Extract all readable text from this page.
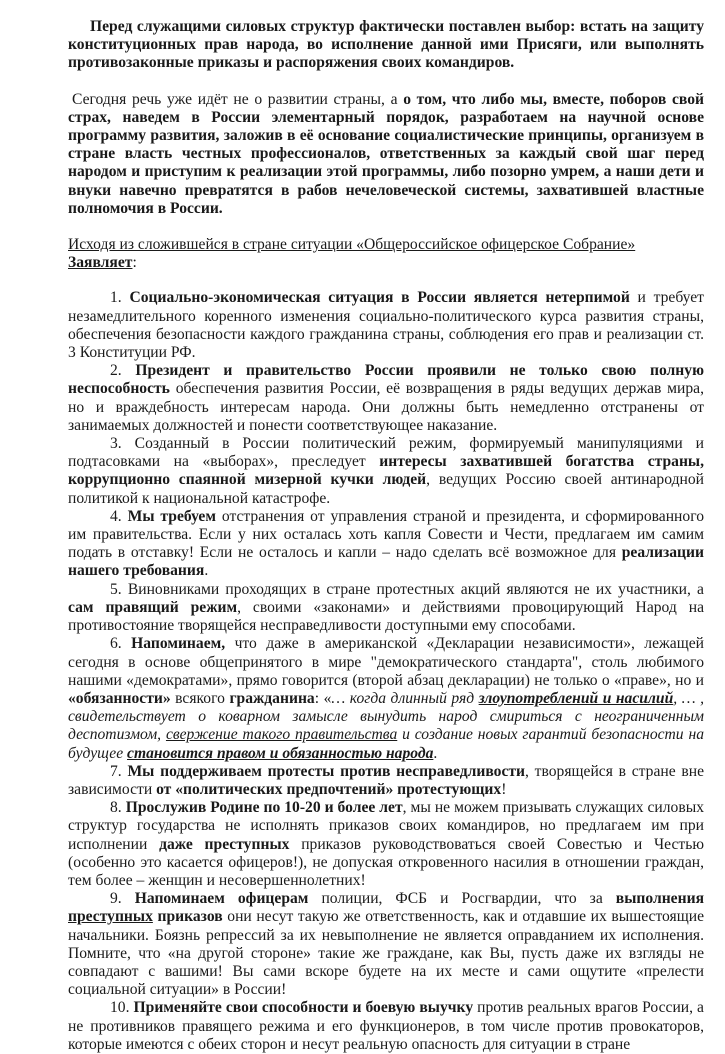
Перед служащими силовых структур фактически поставлен выбор: встать на защиту конституционных прав народа, во исполнение данной ими Присяги, или выполнять противозаконные приказы и распоряжения своих командиров.

Сегодня речь уже идёт не о развитии страны, а о том, что либо мы, вместе, поборов свой страх, наведем в России элементарный порядок, разработаем на научной основе программу развития, заложив в её основание социалистические принципы, организуем в стране власть честных профессионалов, ответственных за каждый свой шаг перед народом и приступим к реализации этой программы, либо позорно умрем, а наши дети и внуки навечно превратятся в рабов нечеловеческой системы, захватившей властные полномочия в России.

Исходя из сложившейся в стране ситуации «Общероссийское офицерское Собрание» Заявляет:

1. Социально-экономическая ситуация в России является нетерпимой и требует незамедлительного коренного изменения социально-политического курса развития страны, обеспечения безопасности каждого гражданина страны, соблюдения его прав и реализации ст. 3 Конституции РФ.

2. Президент и правительство России проявили не только свою полную неспособность обеспечения развития России, её возвращения в ряды ведущих держав мира, но и враждебность интересам народа. Они должны быть немедленно отстранены от занимаемых должностей и понести соответствующее наказание.

3. Созданный в России политический режим, формируемый манипуляциями и подтасовками на «выборах», преследует интересы захватившей богатства страны, коррупционно спаянной мизерной кучки людей, ведущих Россию своей антинародной политикой к национальной катастрофе.

4. Мы требуем отстранения от управления страной и президента, и сформированного им правительства. Если у них осталась хоть капля Совести и Чести, предлагаем им самим подать в отставку! Если не осталось и капли – надо сделать всё возможное для реализации нашего требования.

5. Виновниками проходящих в стране протестных акций являются не их участники, а сам правящий режим, своими «законами» и действиями провоцирующий Народ на противостояние творящейся несправедливости доступными ему способами.

6. Напоминаем, что даже в американской «Декларации независимости», лежащей сегодня в основе общепринятого в мире "демократического стандарта", столь любимого нашими «демократами», прямо говорится (второй абзац декларации) не только о «праве», но и «обязанности» всякого гражданина: «… когда длинный ряд злоупотреблений и насилий, … , свидетельствует о коварном замысле вынудить народ смириться с неограниченным деспотизмом, свержение такого правительства и создание новых гарантий безопасности на будущее становится правом и обязанностью народа.

7. Мы поддерживаем протесты против несправедливости, творящейся в стране вне зависимости от «политических предпочтений» протестующих!

8. Прослужив Родине по 10-20 и более лет, мы не можем призывать служащих силовых структур государства не исполнять приказов своих командиров, но предлагаем им при исполнении даже преступных приказов руководствоваться своей Совестью и Честью (особенно это касается офицеров!), не допуская откровенного насилия в отношении граждан, тем более – женщин и несовершеннолетних!

9. Напоминаем офицерам полиции, ФСБ и Росгвардии, что за выполнения преступных приказов они несут такую же ответственность, как и отдавшие их вышестоящие начальники. Боязнь репрессий за их невыполнение не является оправданием их исполнения. Помните, что «на другой стороне» такие же граждане, как Вы, пусть даже их взгляды не совпадают с вашими! Вы сами вскоре будете на их месте и сами ощутите «прелести социальной ситуации» в России!

10. Применяйте свои способности и боевую выучку против реальных врагов России, а не противников правящего режима и его функционеров, в том числе против провокаторов, которые имеются с обеих сторон и несут реальную опасность для ситуации в стране
